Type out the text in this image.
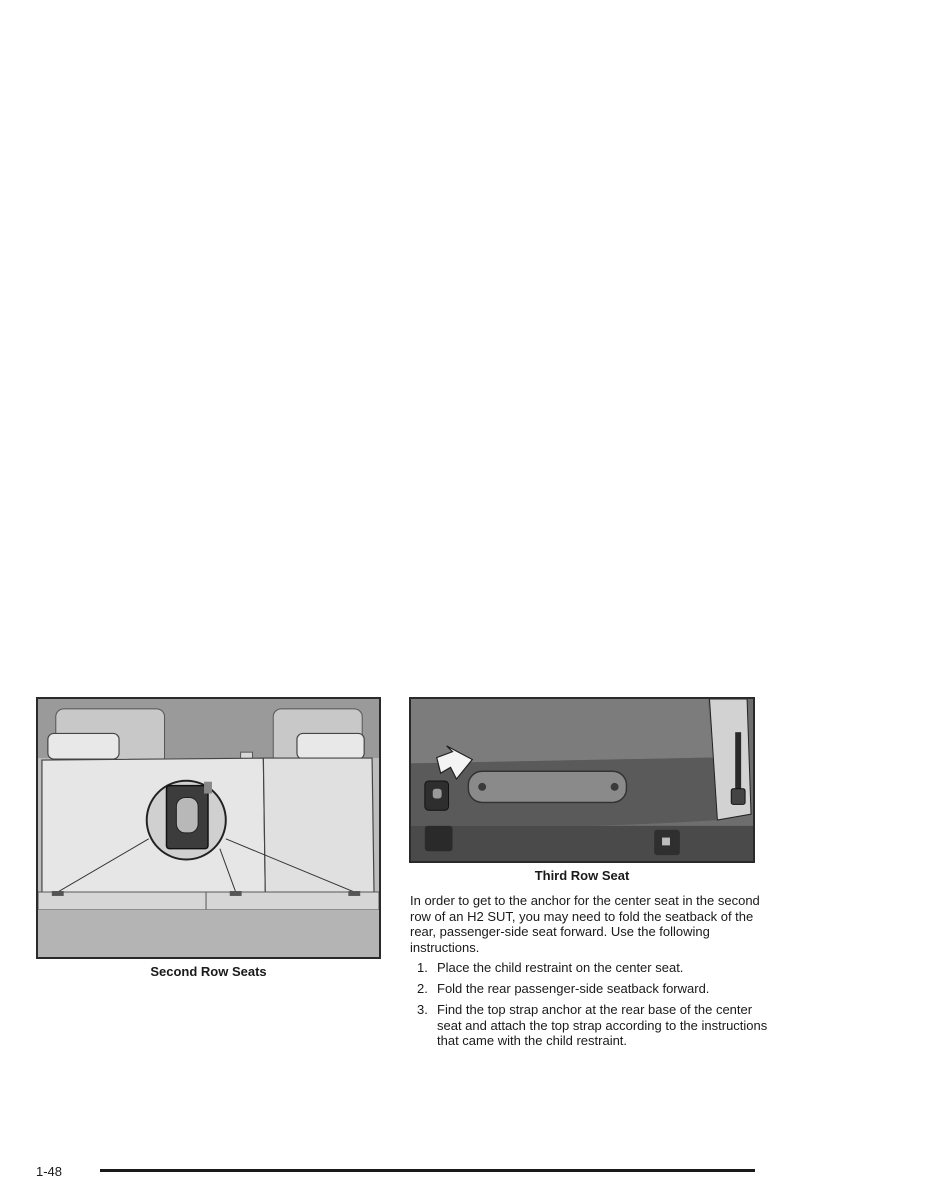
Second Row Seats

Third Row Seat

In order to get to the anchor for the center seat in the second row of an H2 SUT, you may need to fold the seatback of the rear, passenger-side seat forward. Use the following instructions.

1. Place the child restraint on the center seat.
2. Fold the rear passenger-side seatback forward.
3. Find the top strap anchor at the rear base of the center seat and attach the top strap according to the instructions that came with the child restraint.
1-48
